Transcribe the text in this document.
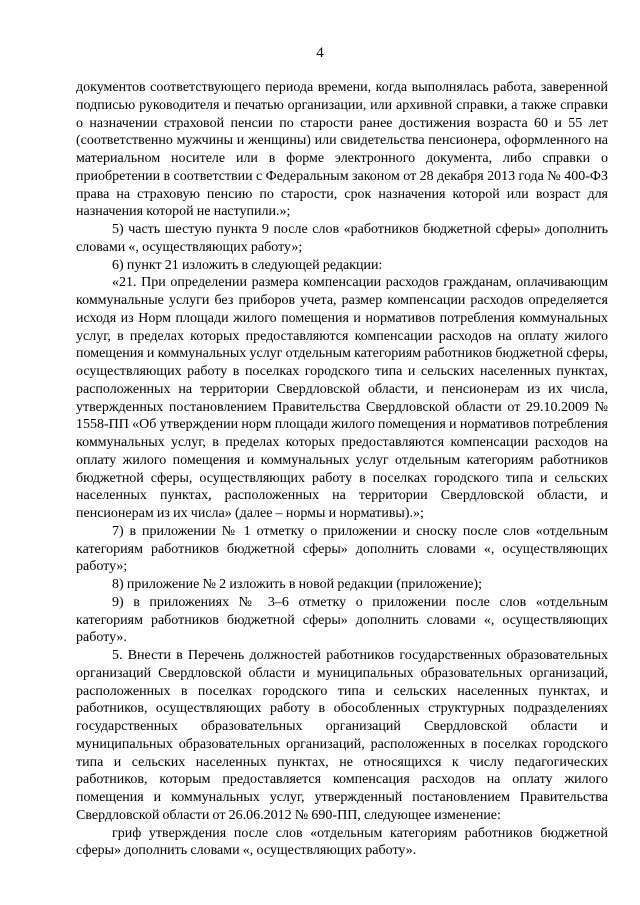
4

документов соответствующего периода времени, когда выполнялась работа, заверенной подписью руководителя и печатью организации, или архивной справки, а также справки о назначении страховой пенсии по старости ранее достижения возраста 60 и 55 лет (соответственно мужчины и женщины) или свидетельства пенсионера, оформленного на материальном носителе или в форме электронного документа, либо справки о приобретении в соответствии с Федеральным законом от 28 декабря 2013 года № 400-ФЗ права на страховую пенсию по старости, срок назначения которой или возраст для назначения которой не наступили.»;

5) часть шестую пункта 9 после слов «работников бюджетной сферы» дополнить словами «, осуществляющих работу»;

6) пункт 21 изложить в следующей редакции:

«21. При определении размера компенсации расходов гражданам, оплачивающим коммунальные услуги без приборов учета, размер компенсации расходов определяется исходя из Норм площади жилого помещения и нормативов потребления коммунальных услуг, в пределах которых предоставляются компенсации расходов на оплату жилого помещения и коммунальных услуг отдельным категориям работников бюджетной сферы, осуществляющих работу в поселках городского типа и сельских населенных пунктах, расположенных на территории Свердловской области, и пенсионерам из их числа, утвержденных постановлением Правительства Свердловской области от 29.10.2009 № 1558-ПП «Об утверждении норм площади жилого помещения и нормативов потребления коммунальных услуг, в пределах которых предоставляются компенсации расходов на оплату жилого помещения и коммунальных услуг отдельным категориям работников бюджетной сферы, осуществляющих работу в поселках городского типа и сельских населенных пунктах, расположенных на территории Свердловской области, и пенсионерам из их числа» (далее – нормы и нормативы).»;

7) в приложении № 1 отметку о приложении и сноску после слов «отдельным категориям работников бюджетной сферы» дополнить словами «, осуществляющих работу»;

8) приложение № 2 изложить в новой редакции (приложение);

9) в приложениях № 3–6 отметку о приложении после слов «отдельным категориям работников бюджетной сферы» дополнить словами «, осуществляющих работу».

5. Внести в Перечень должностей работников государственных образовательных организаций Свердловской области и муниципальных образовательных организаций, расположенных в поселках городского типа и сельских населенных пунктах, и работников, осуществляющих работу в обособленных структурных подразделениях государственных образовательных организаций Свердловской области и муниципальных образовательных организаций, расположенных в поселках городского типа и сельских населенных пунктах, не относящихся к числу педагогических работников, которым предоставляется компенсация расходов на оплату жилого помещения и коммунальных услуг, утвержденный постановлением Правительства Свердловской области от 26.06.2012 № 690-ПП, следующее изменение:

гриф утверждения после слов «отдельным категориям работников бюджетной сферы» дополнить словами «, осуществляющих работу».
